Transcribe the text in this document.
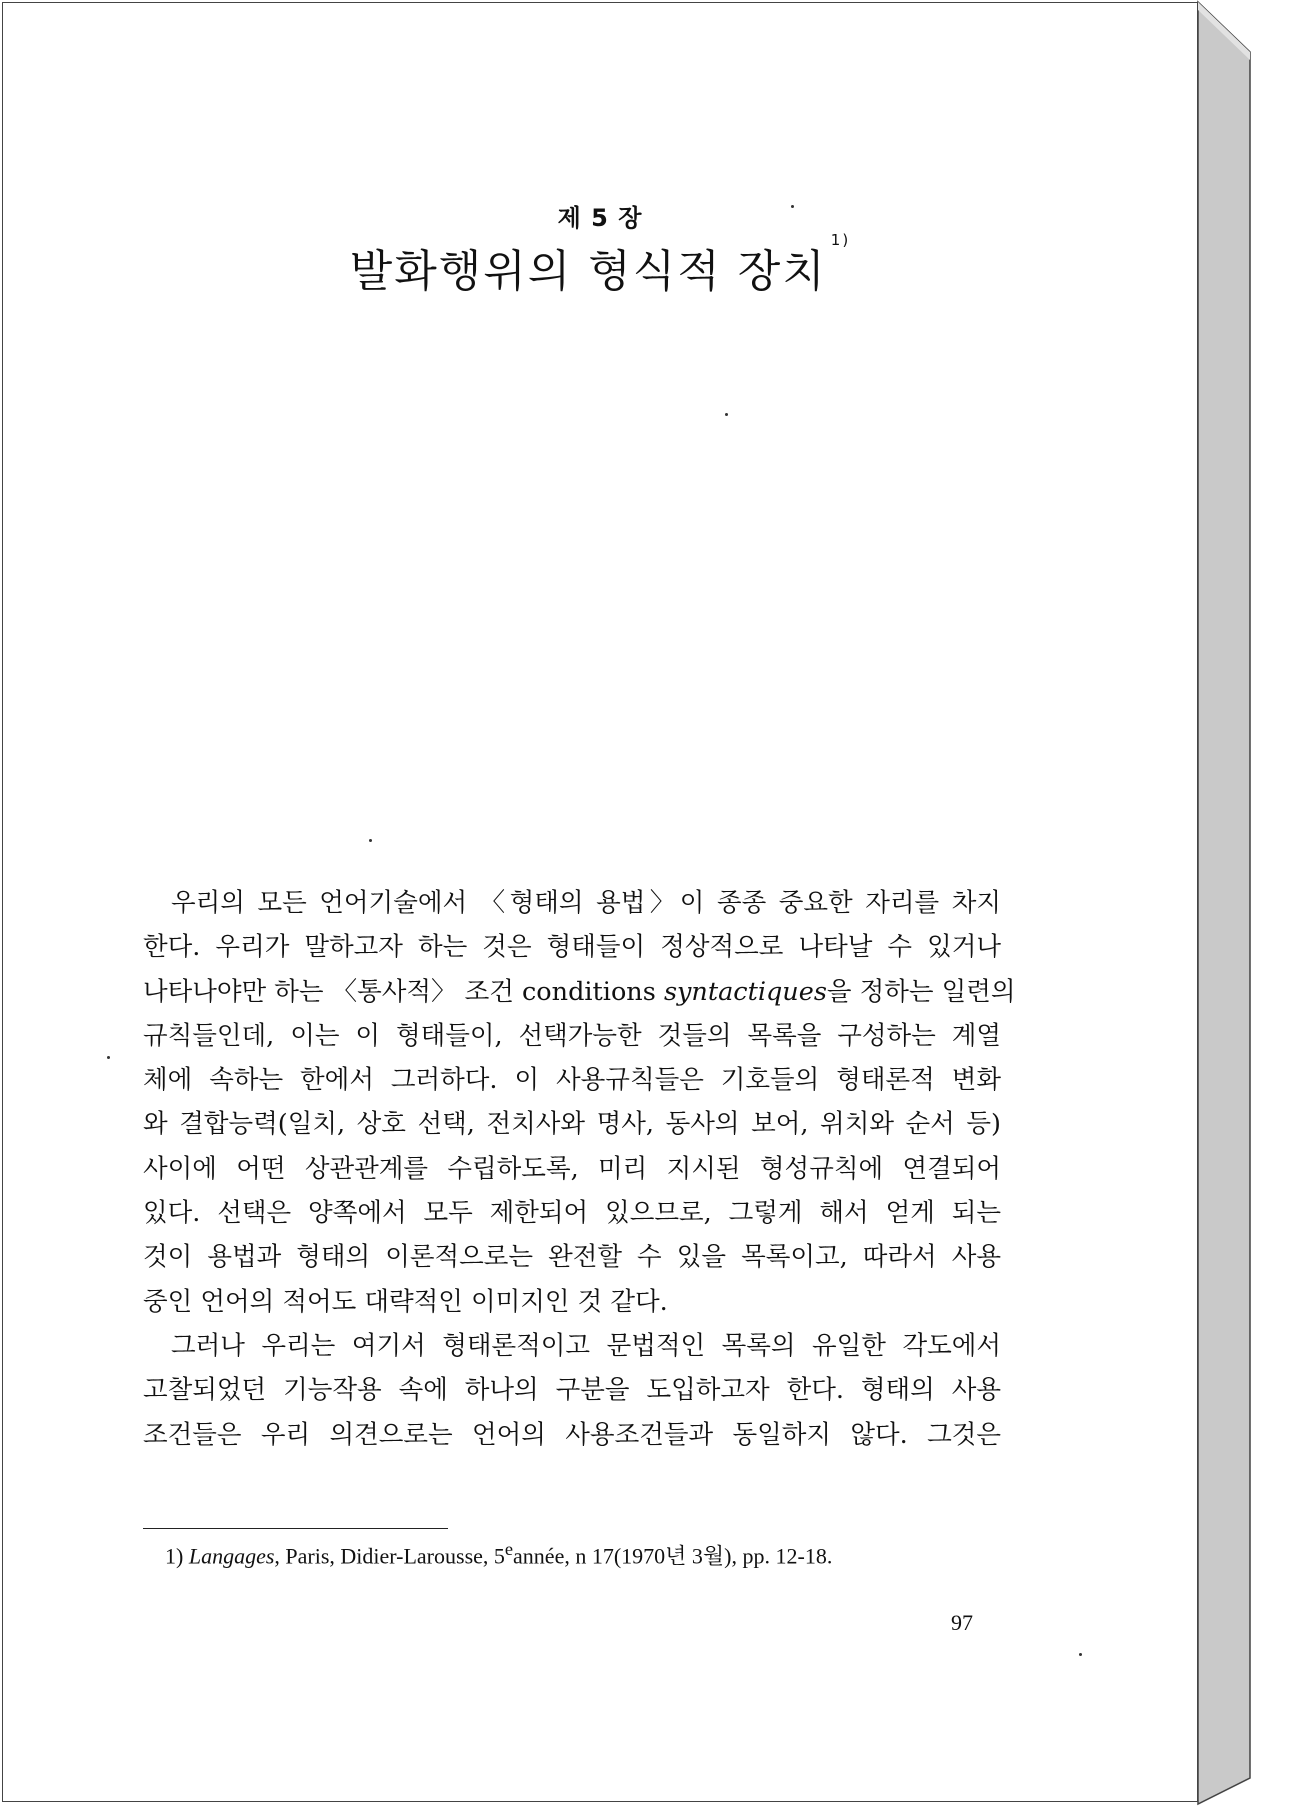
제 5 장
발화행위의 형식적 장치$^{1)}$

우리의 모든 언어기술에서 〈형태의 용법〉이 종종 중요한 자리를 차지
한다. 우리가 말하고자 하는 것은 형태들이 정상적으로 나타날 수 있거나
나타나야만 하는 〈통사적〉 조건 conditions syntactiques을 정하는 일련의
규칙들인데, 이는 이 형태들이, 선택가능한 것들의 목록을 구성하는 계열
체에 속하는 한에서 그러하다. 이 사용규칙들은 기호들의 형태론적 변화
와 결합능력(일치, 상호 선택, 전치사와 명사, 동사의 보어, 위치와 순서 등)
사이에 어떤 상관관계를 수립하도록, 미리 지시된 형성규칙에 연결되어
있다. 선택은 양쪽에서 모두 제한되어 있으므로, 그렇게 해서 얻게 되는
것이 용법과 형태의 이론적으로는 완전할 수 있을 목록이고, 따라서 사용
중인 언어의 적어도 대략적인 이미지인 것 같다.

그러나 우리는 여기서 형태론적이고 문법적인 목록의 유일한 각도에서
고찰되었던 기능작용 속에 하나의 구분을 도입하고자 한다. 형태의 사용
조건들은 우리 의견으로는 언어의 사용조건들과 동일하지 않다. 그것은

1) Langages, Paris, Didier-Larousse, 5eannée, n 17(1970년 3월), pp. 12-18.
97
